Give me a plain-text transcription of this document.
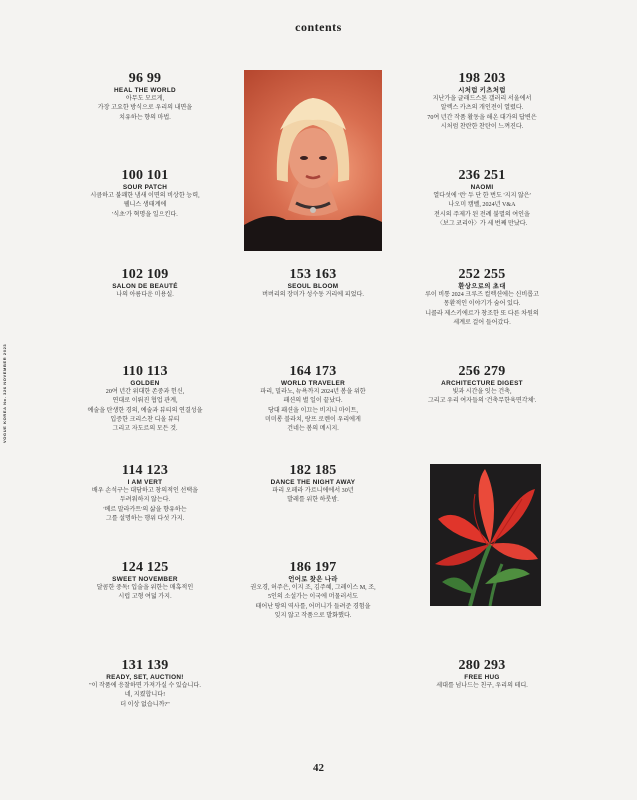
contents
VOGUE KOREA No. 326 NOVEMBER 2023
96 99
HEAL THE WORLD
아무도 모르게,
가장 고요한 방식으로 우리의 내면을
치유하는 향의 마법.
100 101
SOUR PATCH
시큼하고 불쾌한 냄새 이면의 비상한 능력,
웰니스 생태계에
'식초'가 혁명을 일으킨다.
102 109
SALON DE BEAUTÉ
나의 아름다운 미용실.
110 113
GOLDEN
20여 년간 위대한 존중과 헌신,
연대로 이뤄진 협업 관계,
예술을 탄생한 경의, 예술과 뷰티의 연결성을
입증한 크리스찬 디올 뷰티
그리고 자도르의 모든 것.
114 123
I AM VERT
배우 손석구는 대담하고 창의적인 선택을
두려워하지 않는다.
'베르 말라카트'의 삶을 향유하는
그를 설명하는 행위 다섯 가지.
124 125
SWEET NOVEMBER
달콤한 중독! 입술을 위한는 매혹적인
시럽 고형 여덟 가지.
131 139
READY, SET, AUCTION!
"이 작품에 응찰하면 가져가실 수 있습니다.
네, 지켰합니다!
더 이상 없습니까?"
153 163
SEOUL BLOOM
버버리의 장미가 성수동 거리에 피었다.
164 173
WORLD TRAVELER
파리, 밀라노, 뉴욕까지 2024년 봄을 위한
패션의 별 일이 끝났다.
당대 패션을 이끄는 비지니 마이트,
미미롱 블라치, 랑프 로렌이 우리에게
건네는 봄의 메시지.
182 185
DANCE THE NIGHT AWAY
파리 오페라 가르니에에서 30년
발레를 위한 하룻밤.
186 197
언어로 찾은 나라
권오경, 허주은, 이지 조, 김주혜, 그레이스 M, 조,
5인의 소설가는 이국에 머물러서도
태어난 땅의 역사를, 어머니가 들려준 경험을
잊지 않고 작품으로 발화했다.
198 203
시처럼 키츠처럼
지난가을 글래드스톤 갤러리 서울에서
알렉스 카츠의 개인전이 열렸다.
70여 년간 작품 활동을 해온 대가의 답변은
시처럼 찬란한 찬탄이 느껴진다.
236 251
NAOMI
열다섯에 '런' 두 단 한 번도 '지지 않은'
나오미 캠벨, 2024년 V&A
전시의 주제가 된 전례 불멸의 여인을
〈보그 코리아〉가 세 번째 만났다.
252 255
환상으로의 초대
루이 비통 2024 크루즈 컬렉션에는 신비롭고
몽환적인 이야기가 숨어 있다.
니콜라 제스키에르가 창조한 또 다른 차원의
세계로 걸어 들어갔다.
256 279
ARCHITECTURE DIGEST
빛과 시간을 잇는 건축,
그리고 우리 여자들의 '건축무한육면각체'.
280 293
FREE HUG
세대를 넘나드는 친구, 우리의 테디.
42
